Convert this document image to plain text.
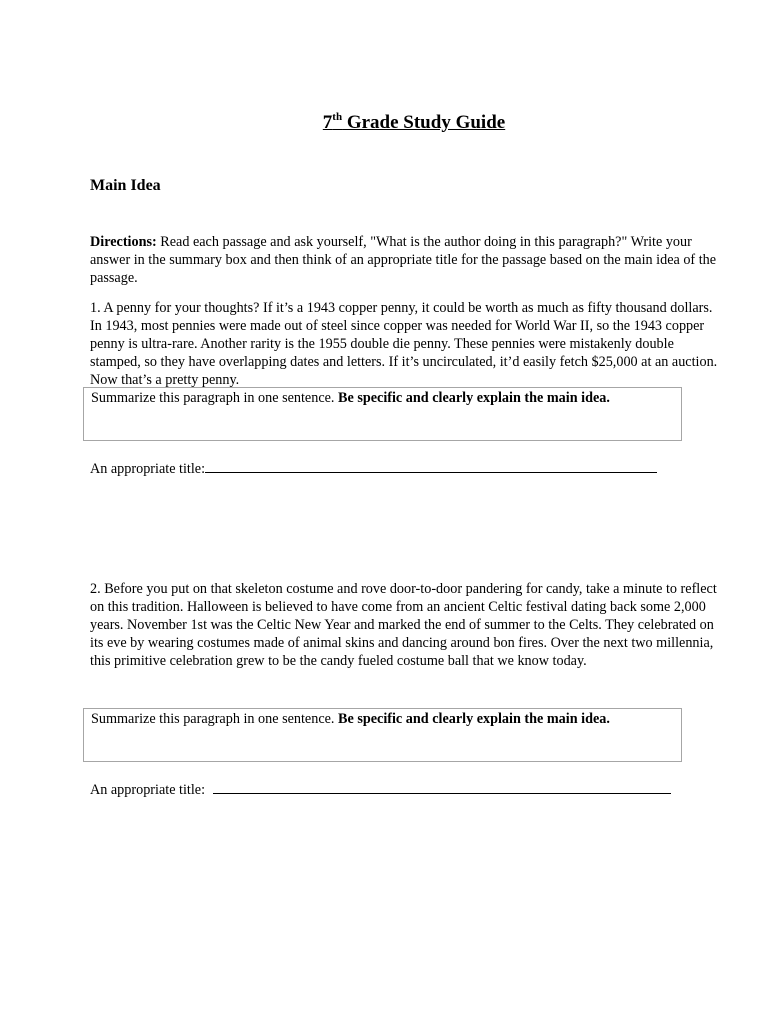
7th Grade Study Guide
Main Idea

Directions: Read each passage and ask yourself, "What is the author doing in this paragraph?" Write your answer in the summary box and then think of an appropriate title for the passage based on the main idea of the passage.

1. A penny for your thoughts? If it’s a 1943 copper penny, it could be worth as much as fifty thousand dollars. In 1943, most pennies were made out of steel since copper was needed for World War II, so the 1943 copper penny is ultra-rare. Another rarity is the 1955 double die penny. These pennies were mistakenly double stamped, so they have overlapping dates and letters. If it’s uncirculated, it’d easily fetch $25,000 at an auction. Now that’s a pretty penny.

Summarize this paragraph in one sentence. Be specific and clearly explain the main idea.
An appropriate title:

2. Before you put on that skeleton costume and rove door-to-door pandering for candy, take a minute to reflect on this tradition. Halloween is believed to have come from an ancient Celtic festival dating back some 2,000 years. November 1st was the Celtic New Year and marked the end of summer to the Celts. They celebrated on its eve by wearing costumes made of animal skins and dancing around bon fires. Over the next two millennia, this primitive celebration grew to be the candy fueled costume ball that we know today.

Summarize this paragraph in one sentence. Be specific and clearly explain the main idea.
An appropriate title:
